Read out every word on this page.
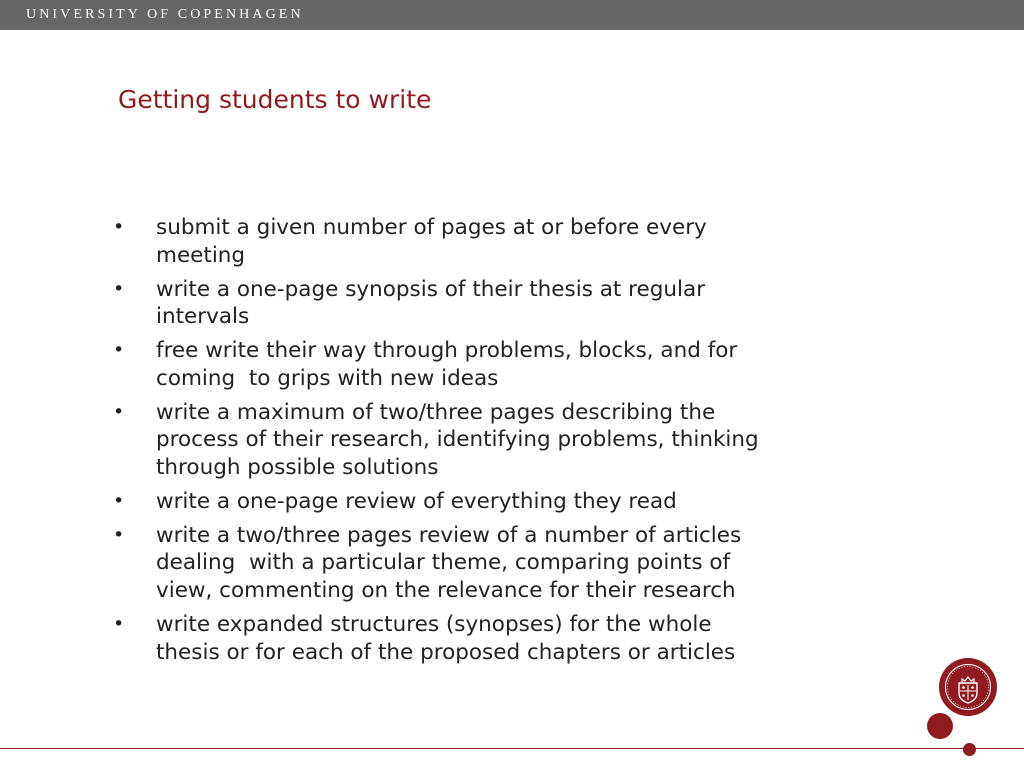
UNIVERSITY OF COPENHAGEN
Getting students to write
• submit a given number of pages at or before every
meeting
• write a one-page synopsis of their thesis at regular
intervals
• free write their way through problems, blocks, and for
coming  to grips with new ideas
• write a maximum of two/three pages describing the
process of their research, identifying problems, thinking
through possible solutions
• write a one-page review of everything they read
• write a two/three pages review of a number of articles
dealing  with a particular theme, comparing points of
view, commenting on the relevance for their research
• write expanded structures (synopses) for the whole
thesis or for each of the proposed chapters or articles
